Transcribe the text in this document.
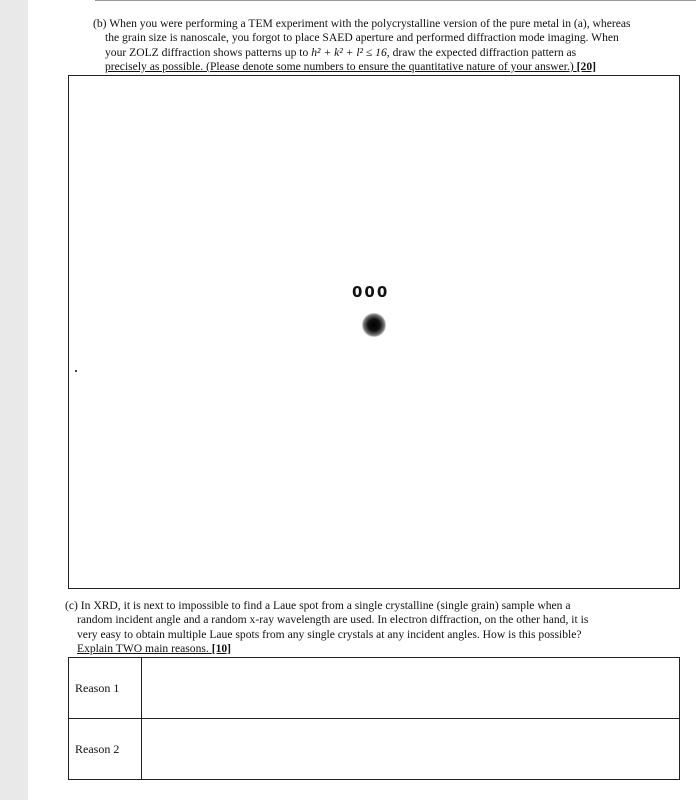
(b) When you were performing a TEM experiment with the polycrystalline version of the pure metal in (a), whereas
the grain size is nanoscale, you forgot to place SAED aperture and performed diffraction mode imaging. When
your ZOLZ diffraction shows patterns up to h² + k² + l² ≤ 16, draw the expected diffraction pattern as
precisely as possible. (Please denote some numbers to ensure the quantitative nature of your answer.) [20]

000

(c) In XRD, it is next to impossible to find a Laue spot from a single crystalline (single grain) sample when a
random incident angle and a random x-ray wavelength are used. In electron diffraction, on the other hand, it is
very easy to obtain multiple Laue spots from any single crystals at any incident angles. How is this possible?
Explain TWO main reasons. [10]

Reason 1	
Reason 2	
